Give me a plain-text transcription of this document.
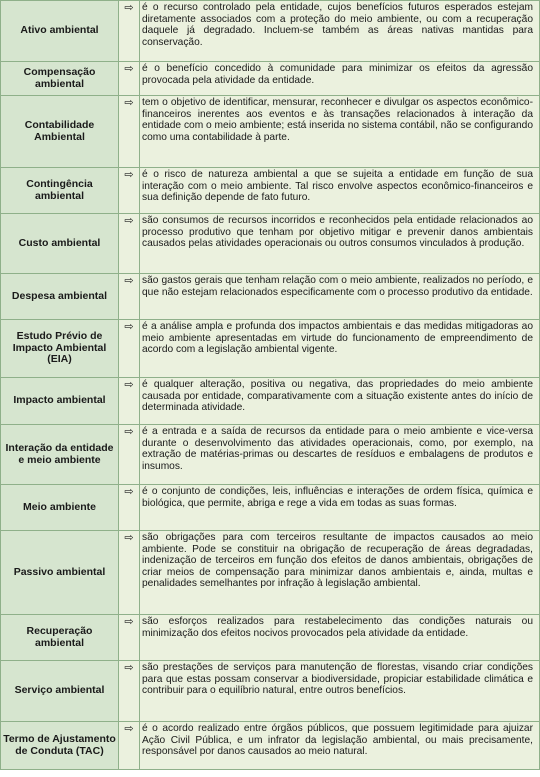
Ativo ambiental	⇨	é o recurso controlado pela entidade, cujos benefícios futuros esperados estejam diretamente associados com a proteção do meio ambiente, ou com a recuperação daquele já degradado. Incluem-se também as áreas nativas mantidas para conservação.
Compensação ambiental	⇨	é o benefício concedido à comunidade para minimizar os efeitos da agressão provocada pela atividade da entidade.
Contabilidade Ambiental	⇨	tem o objetivo de identificar, mensurar, reconhecer e divulgar os aspectos econômico-financeiros inerentes aos eventos e às transações relacionados à interação da entidade com o meio ambiente; está inserida no sistema contábil, não se configurando como uma contabilidade à parte.
Contingência ambiental	⇨	é o risco de natureza ambiental a que se sujeita a entidade em função de sua interação com o meio ambiente. Tal risco envolve aspectos econômico-financeiros e sua definição depende de fato futuro.
Custo ambiental	⇨	são consumos de recursos incorridos e reconhecidos pela entidade relacionados ao processo produtivo que tenham por objetivo mitigar e prevenir danos ambientais causados pelas atividades operacionais ou outros consumos vinculados à produção.
Despesa ambiental	⇨	são gastos gerais que tenham relação com o meio ambiente, realizados no período, e que não estejam relacionados especificamente com o processo produtivo da entidade.
Estudo Prévio de Impacto Ambiental (EIA)	⇨	é a análise ampla e profunda dos impactos ambientais e das medidas mitigadoras ao meio ambiente apresentadas em virtude do funcionamento de empreendimento de acordo com a legislação ambiental vigente.
Impacto ambiental	⇨	é qualquer alteração, positiva ou negativa, das propriedades do meio ambiente causada por entidade, comparativamente com a situação existente antes do início de determinada atividade.
Interação da entidade e meio ambiente	⇨	é a entrada e a saída de recursos da entidade para o meio ambiente e vice-versa durante o desenvolvimento das atividades operacionais, como, por exemplo, na extração de matérias-primas ou descartes de resíduos e embalagens de produtos e insumos.
Meio ambiente	⇨	é o conjunto de condições, leis, influências e interações de ordem física, química e biológica, que permite, abriga e rege a vida em todas as suas formas.
Passivo ambiental	⇨	são obrigações para com terceiros resultante de impactos causados ao meio ambiente. Pode se constituir na obrigação de recuperação de áreas degradadas, indenização de terceiros em função dos efeitos de danos ambientais, obrigações de criar meios de compensação para minimizar danos ambientais e, ainda, multas e penalidades semelhantes por infração à legislação ambiental.
Recuperação ambiental	⇨	são esforços realizados para restabelecimento das condições naturais ou minimização dos efeitos nocivos provocados pela atividade da entidade.
Serviço ambiental	⇨	são prestações de serviços para manutenção de florestas, visando criar condições para que estas possam conservar a biodiversidade, propiciar estabilidade climática e contribuir para o equilíbrio natural, entre outros benefícios.
Termo de Ajustamento de Conduta (TAC)	⇨	é o acordo realizado entre órgãos públicos, que possuem legitimidade para ajuizar Ação Civil Pública, e um infrator da legislação ambiental, ou mais precisamente, responsável por danos causados ao meio natural.
